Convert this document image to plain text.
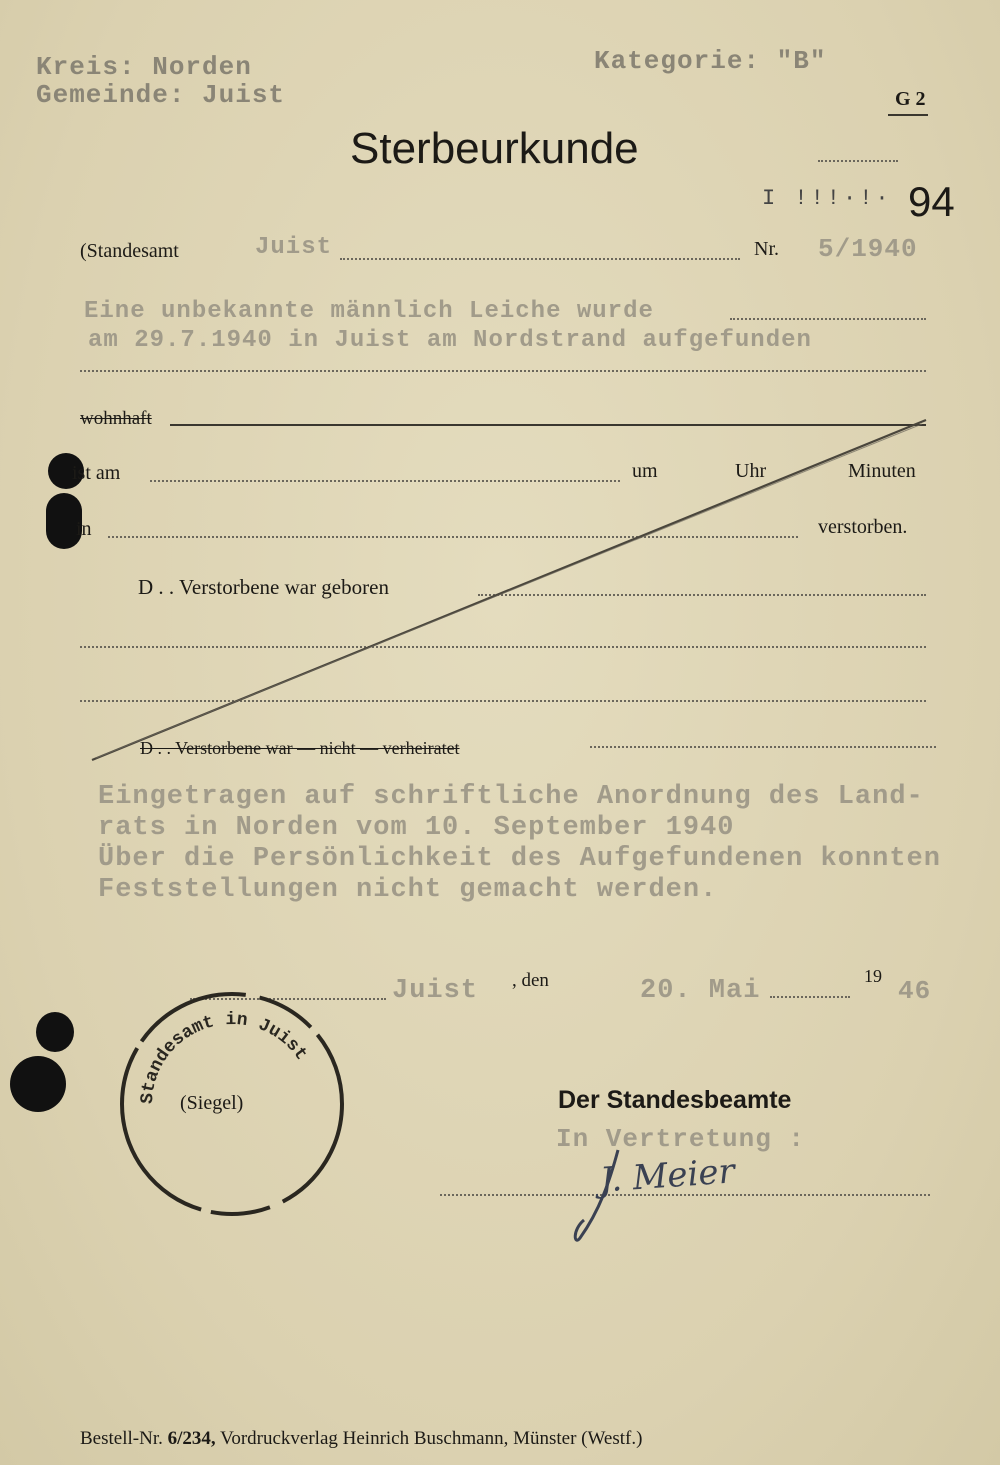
Kreis: Norden
Gemeinde: Juist
Kategorie: "B"
G 2
Sterbeurkunde
I !!!·!· 94
(Standesamt	Juist	Nr. 5/1940
Eine unbekannte männlich Leiche wurde
am 29.7.1940 in Juist am Nordstrand aufgefunden
wohnhaft
ist am	um	Uhr	Minuten
in	verstorben.
D . . Verstorbene war geboren
D . . Verstorbene war — nicht — verheiratet
Eingetragen auf schriftliche Anordnung des Land-
rats in Norden vom 10. September 1940
Über die Persönlichkeit des Aufgefundenen konnten
Feststellungen nicht gemacht werden.
Juist , den	20. Mai	19 46
Standesamt in Juist
(Siegel)	Der Standesbeamte
In Vertretung :
J. Meier
Bestell-Nr. 6/234, Vordruckverlag Heinrich Buschmann, Münster (Westf.)
